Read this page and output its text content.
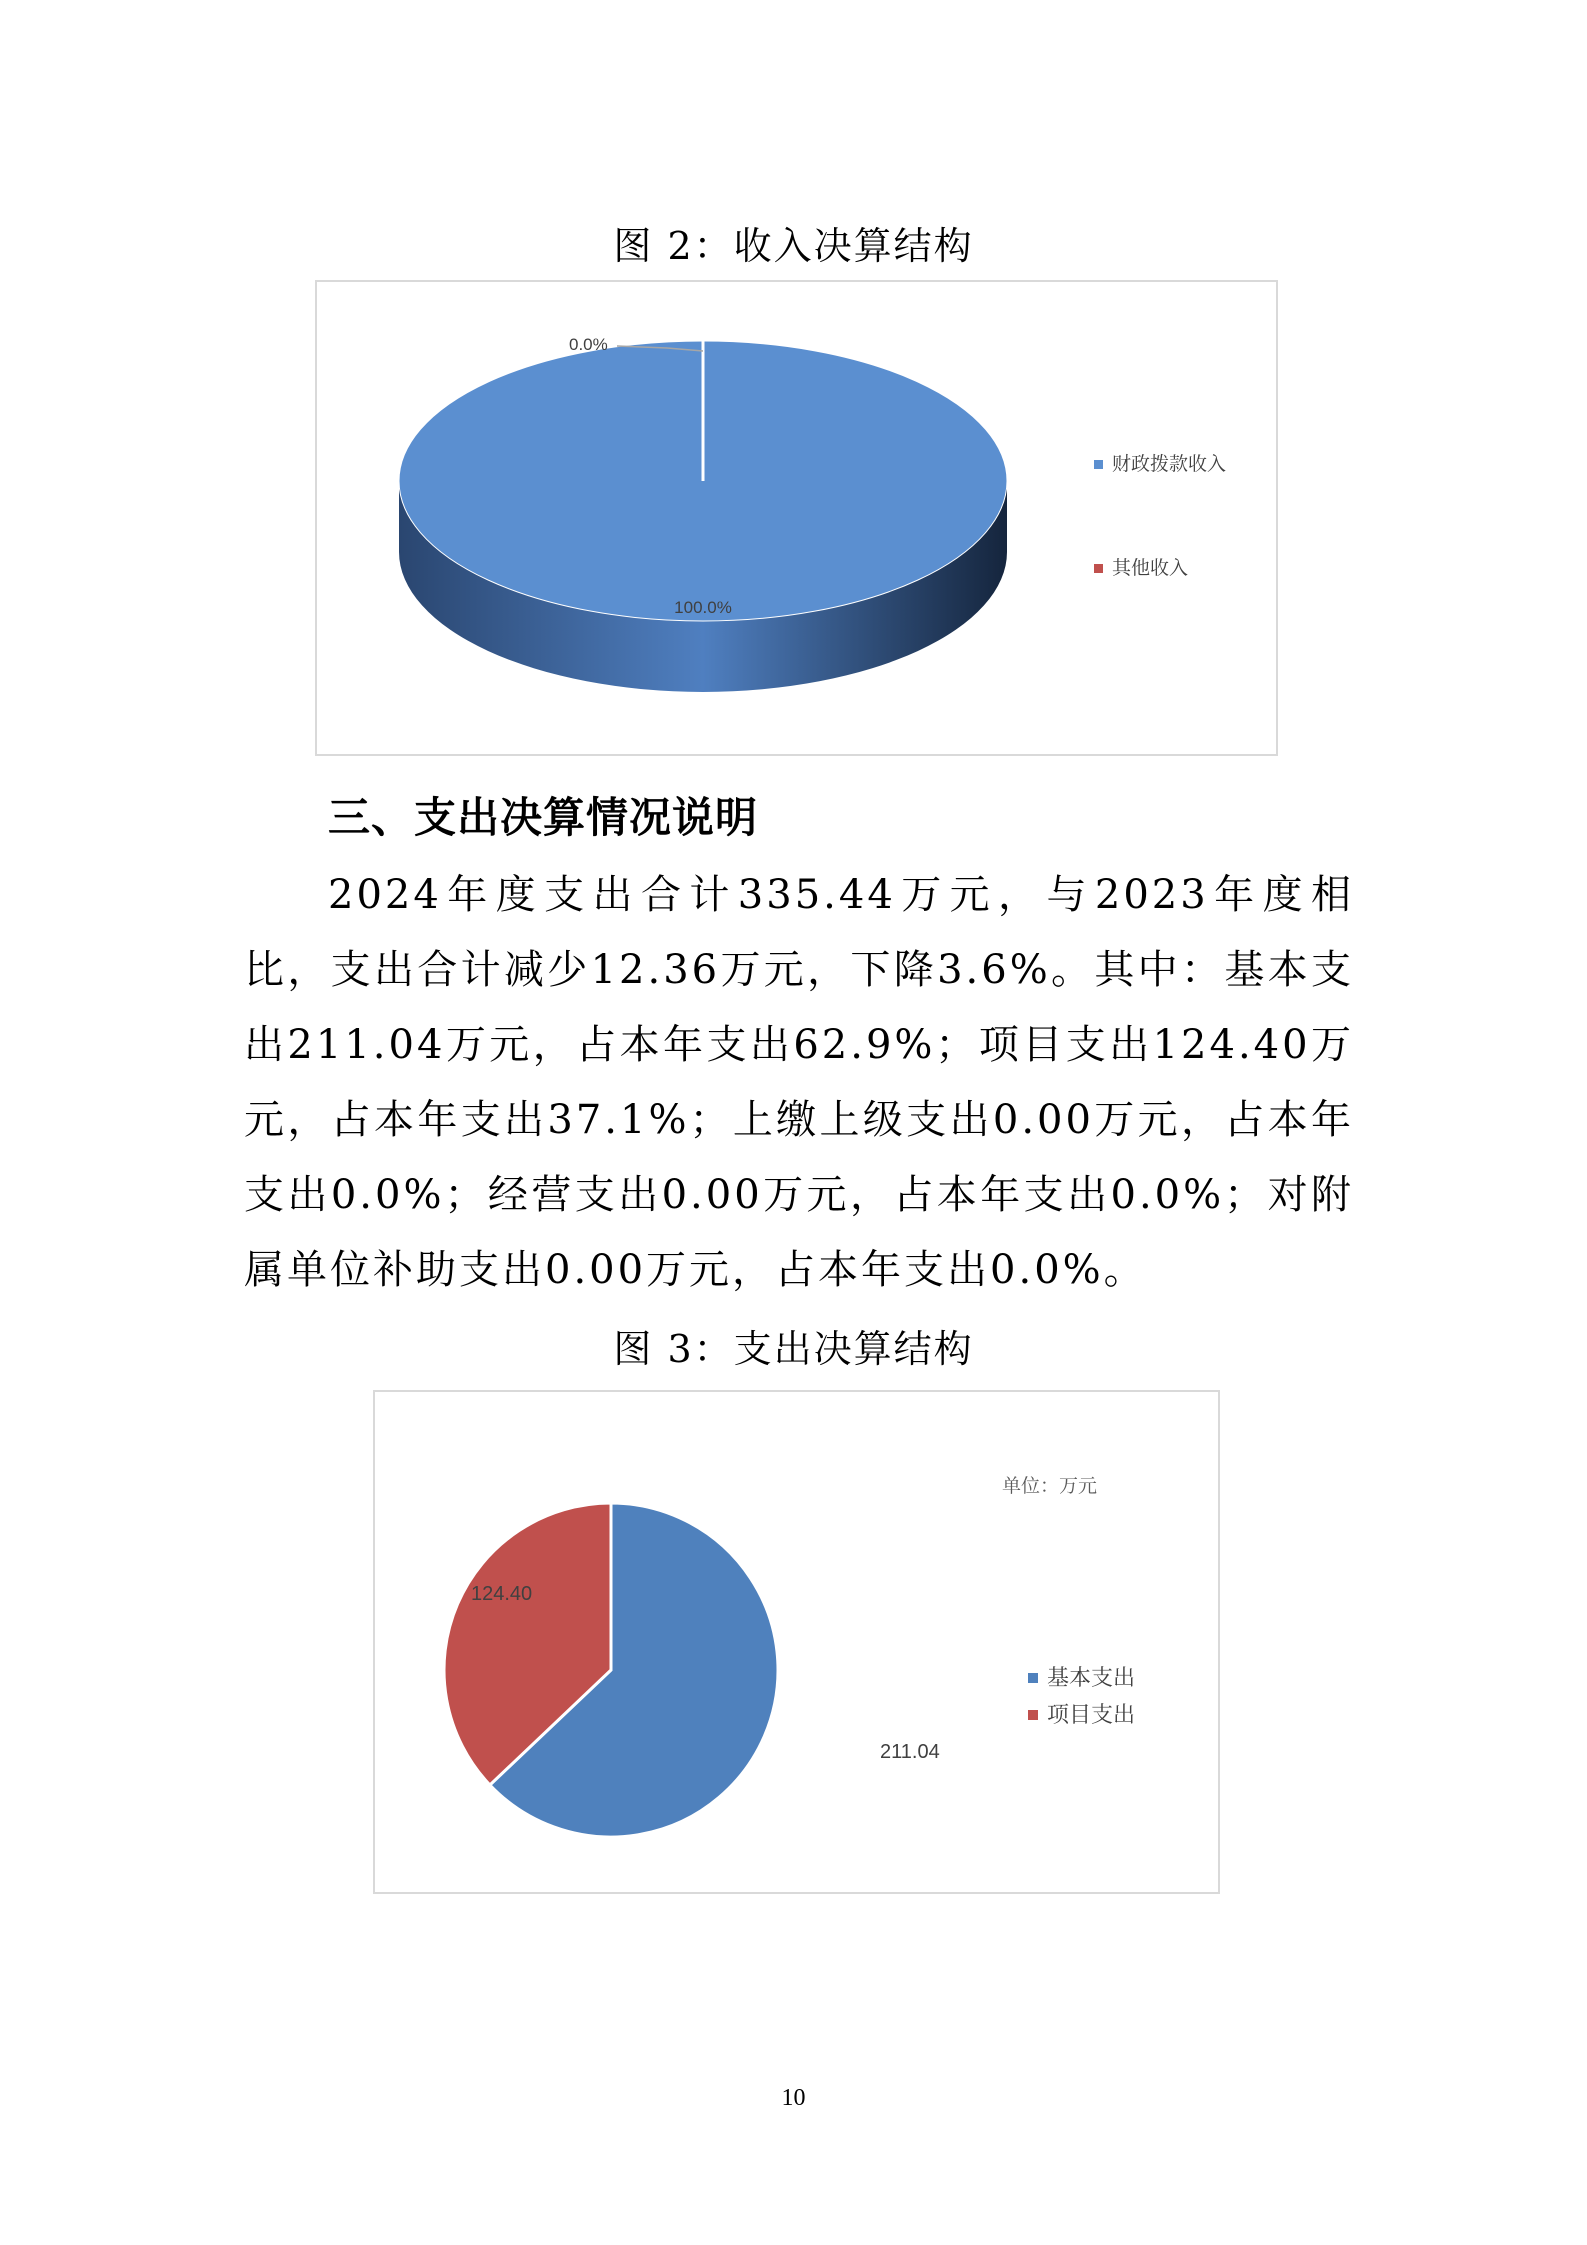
图 2：收入决算结构
0.0%
100.0%
财政拨款收入
其他收入
三、支出决算情况说明
2024年度支出合计335.44万元，与2023年度相比，支出合计减少12.36万元，下降3.6%。其中：基本支出211.04万元，占本年支出62.9%；项目支出124.40万元，占本年支出37.1%；上缴上级支出0.00万元，占本年支出0.0%；经营支出0.00万元，占本年支出0.0%；对附属单位补助支出0.00万元，占本年支出0.0%。
图 3：支出决算结构
211.04
124.40
单位：万元
基本支出
项目支出
10
